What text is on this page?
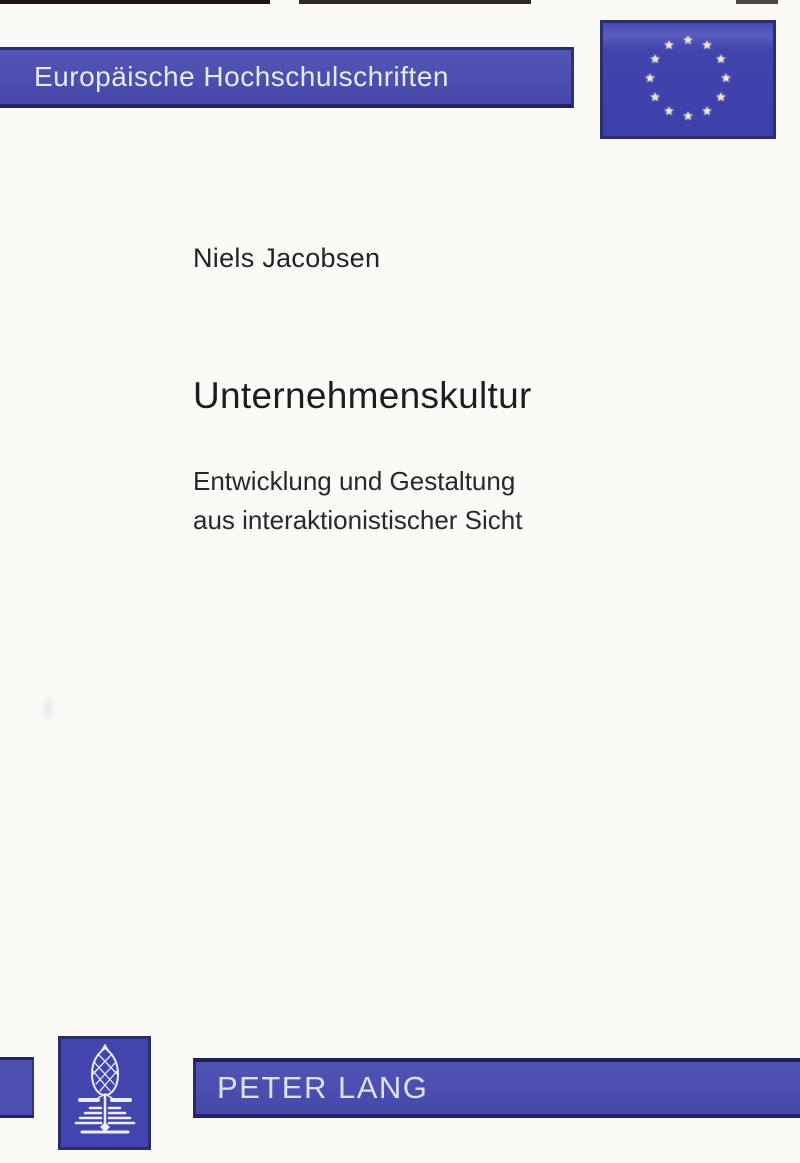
Europäische Hochschulschriften
★ ★
★
★
★
★
★
★
★
★
★
★
Niels Jacobsen
Unternehmenskultur
Entwicklung und Gestaltung
aus interaktionistischer Sicht
PETER LANG
